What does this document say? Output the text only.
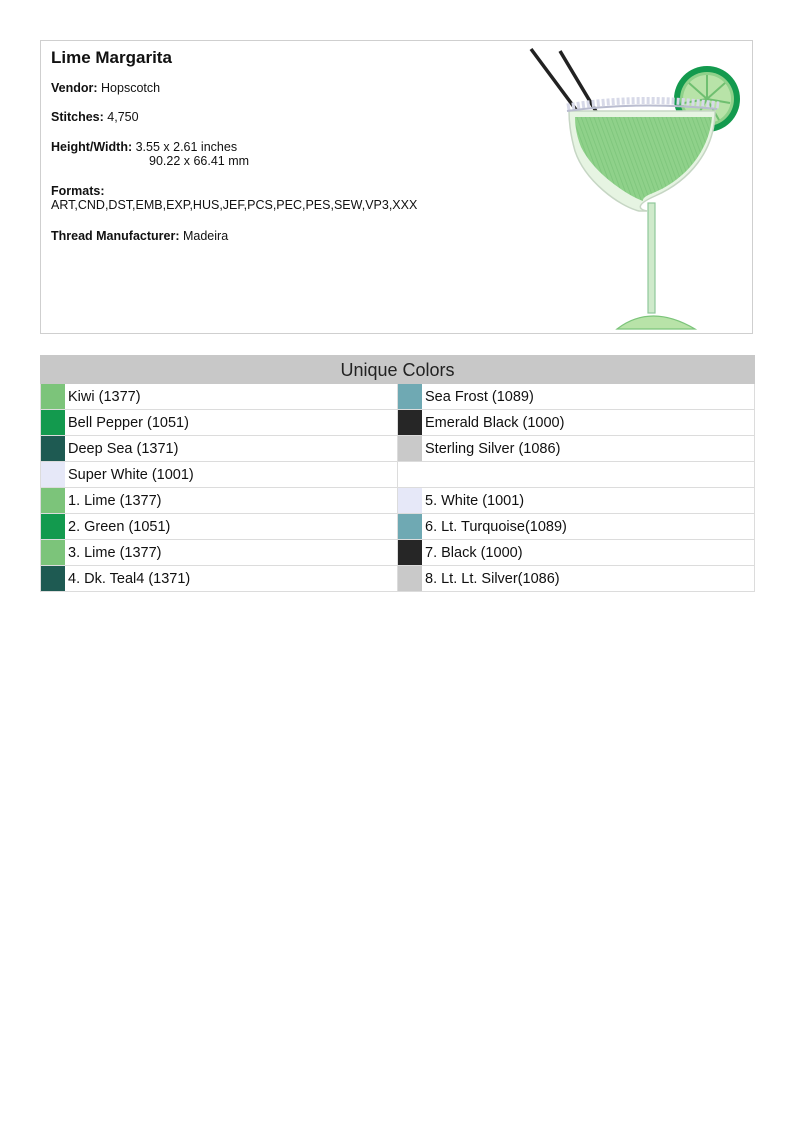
Lime Margarita
Vendor: Hopscotch
Stitches: 4,750
Height/Width: 3.55 x 2.61 inches
90.22 x 66.41 mm
Formats:
ART,CND,DST,EMB,EXP,HUS,JEF,PCS,PEC,PES,SEW,VP3,XXX
Thread Manufacturer: Madeira
Unique Colors
Kiwi (1377)	Sea Frost (1089)
Bell Pepper (1051)	Emerald Black (1000)
Deep Sea (1371)	Sterling Silver (1086)
Super White (1001)
1. Lime (1377)	5. White (1001)
2. Green (1051)	6. Lt. Turquoise(1089)
3. Lime (1377)	7. Black (1000)
4. Dk. Teal4 (1371)	8. Lt. Lt. Silver(1086)
